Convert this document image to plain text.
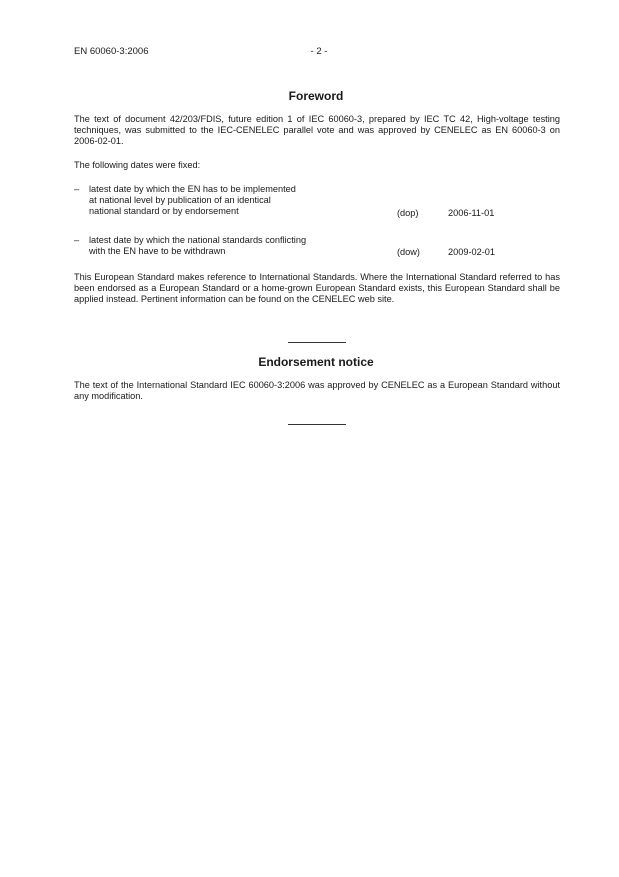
EN 60060-3:2006	- 2 -
Foreword

The text of document 42/203/FDIS, future edition 1 of IEC 60060-3, prepared by IEC TC 42, High-voltage testing techniques, was submitted to the IEC-CENELEC parallel vote and was approved by CENELEC as EN 60060-3 on 2006-02-01.

The following dates were fixed:

– latest date by which the EN has to be implemented
at national level by publication of an identical
national standard or by endorsement	(dop)	2006-11-01
– latest date by which the national standards conflicting
with the EN have to be withdrawn	(dow)	2009-02-01

This European Standard makes reference to International Standards. Where the International Standard referred to has been endorsed as a European Standard or a home-grown European Standard exists, this European Standard shall be applied instead. Pertinent information can be found on the CENELEC web site.

Endorsement notice

The text of the International Standard IEC 60060-3:2006 was approved by CENELEC as a European Standard without any modification.
